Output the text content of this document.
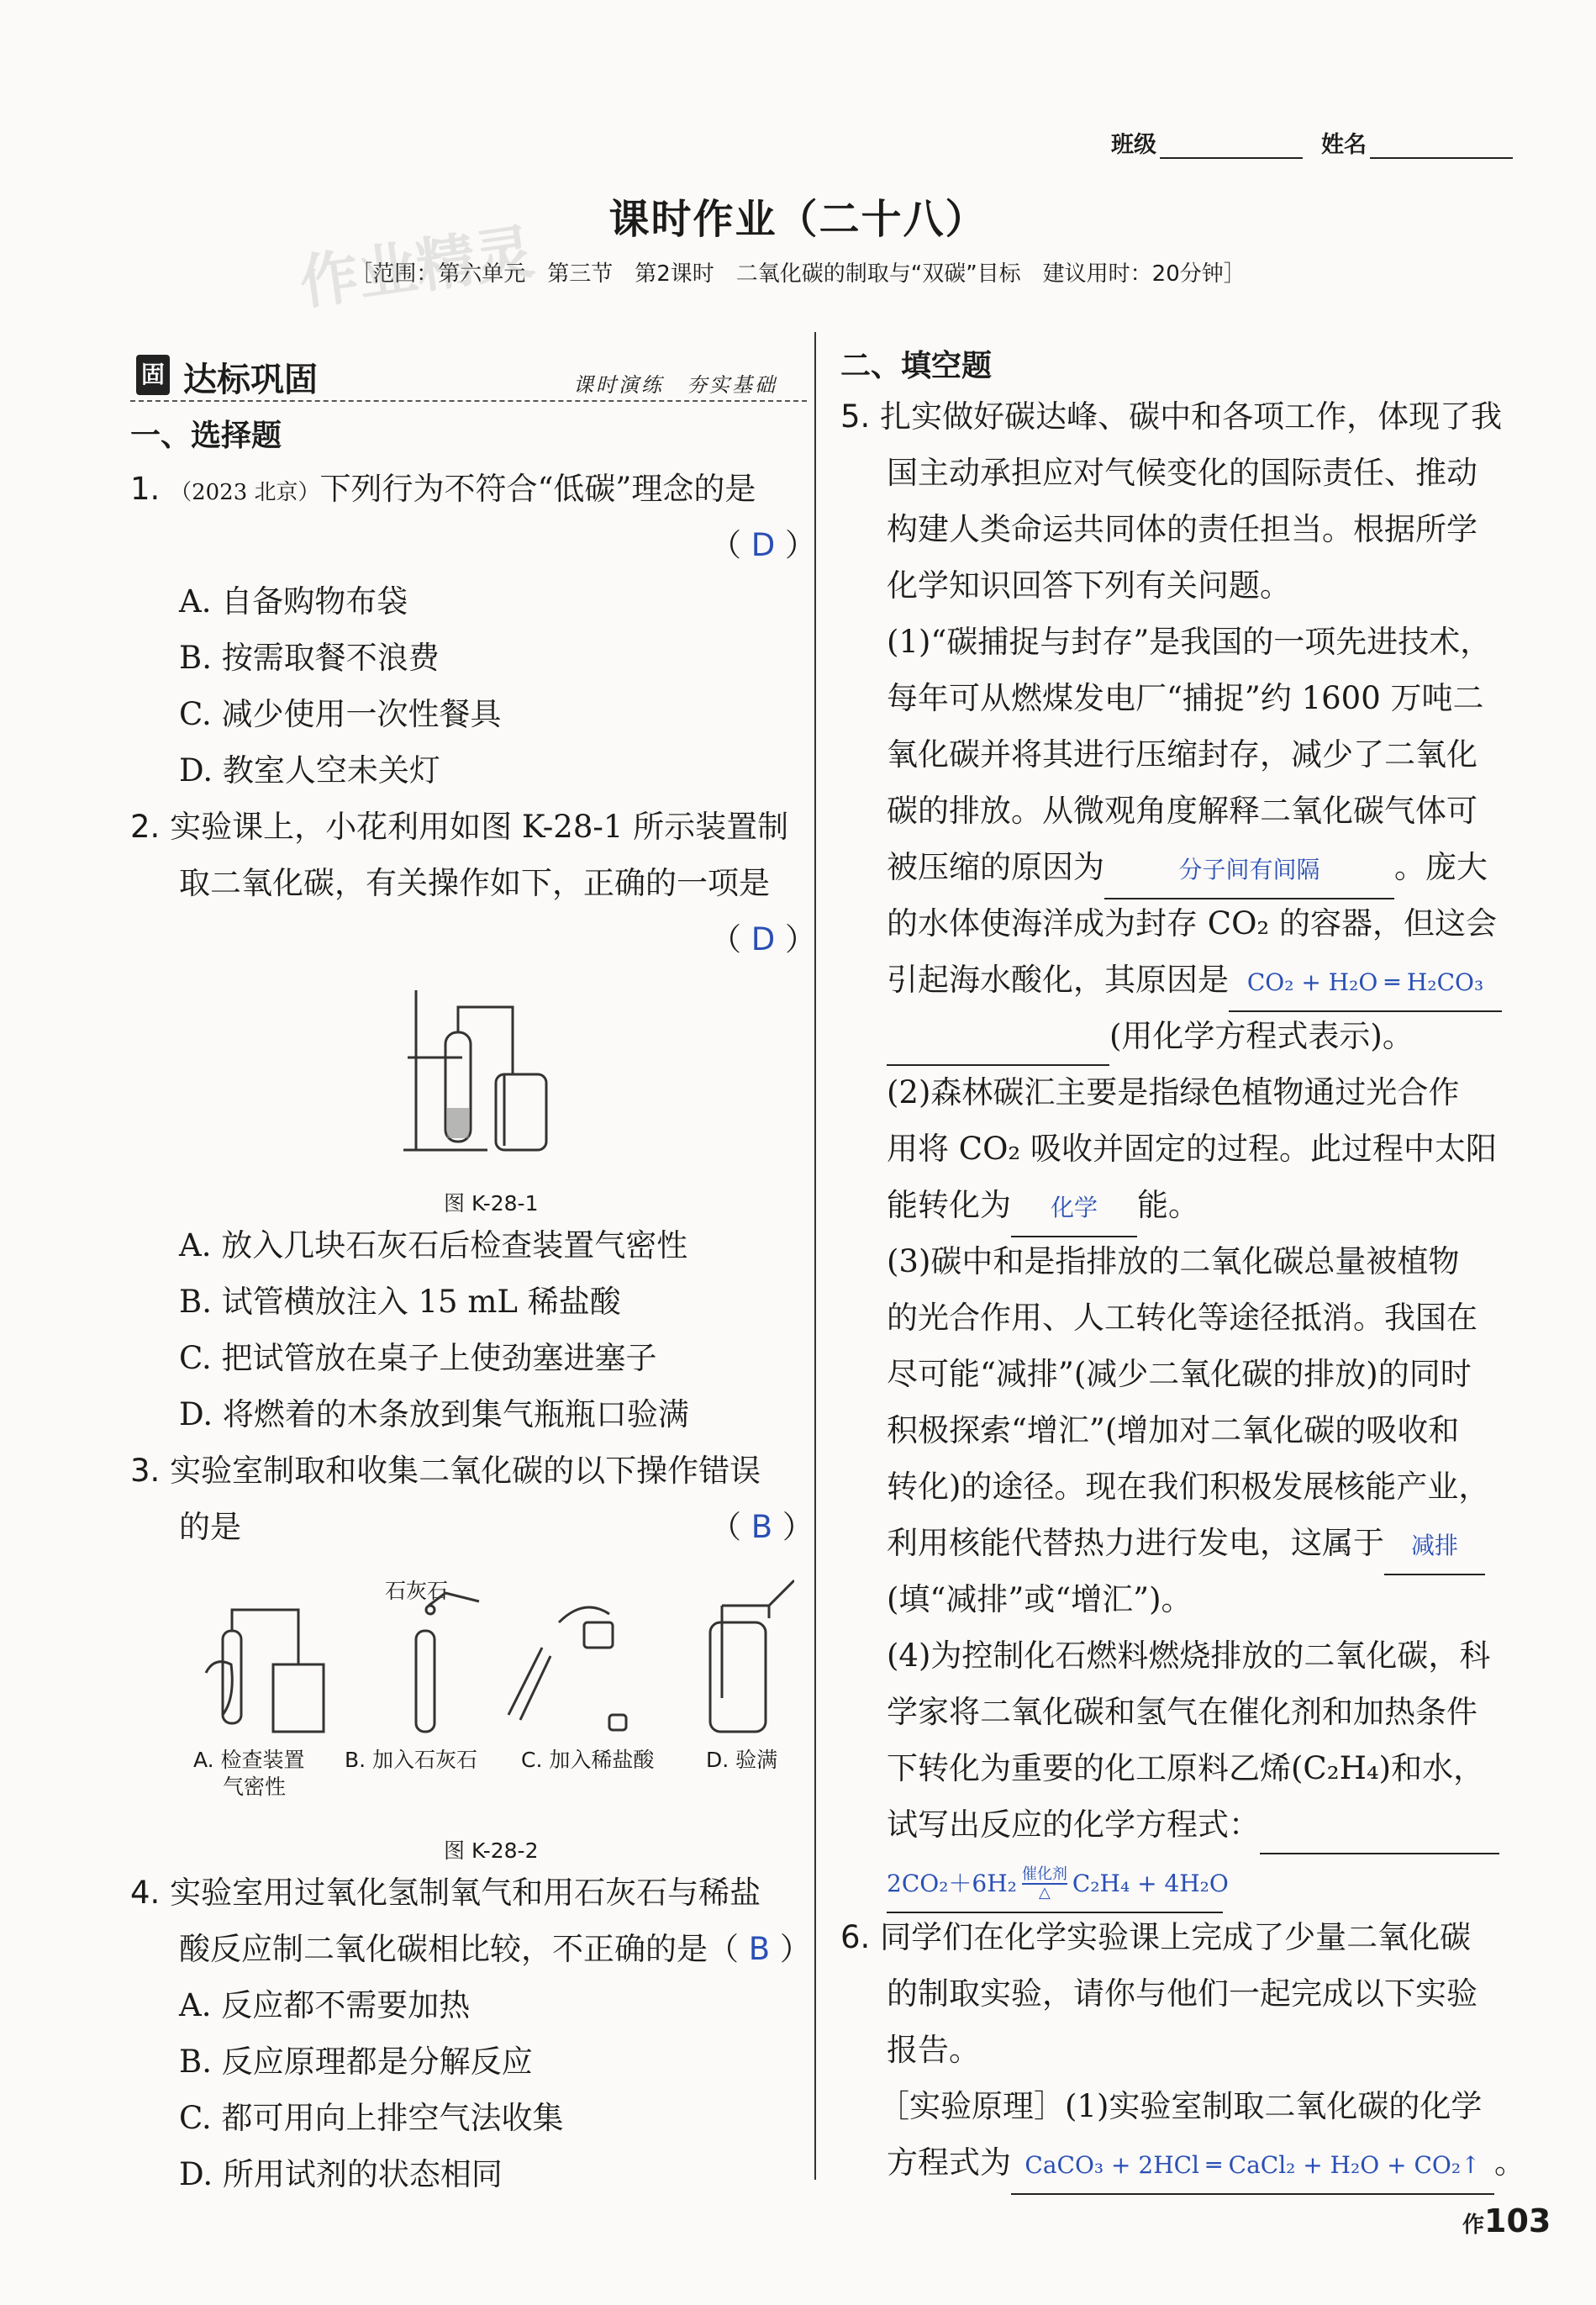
班级	姓名
课时作业（二十八）
［范围：第六单元　第三节　第2课时　二氧化碳的制取与“双碳”目标　建议用时：20分钟］
作业精灵
固 达标巩固	课时演练　夯实基础
一、选择题
1. （2023 北京）下列行为不符合“低碳”理念的是
（ D ）
A. 自备购物布袋
B. 按需取餐不浪费
C. 减少使用一次性餐具
D. 教室人空未关灯
2. 实验课上，小花利用如图 K-28-1 所示装置制
取二氧化碳，有关操作如下，正确的一项是
（ D ）
图 K-28-1
A. 放入几块石灰石后检查装置气密性
B. 试管横放注入 15 mL 稀盐酸
C. 把试管放在桌子上使劲塞进塞子
D. 将燃着的木条放到集气瓶瓶口验满
3. 实验室制取和收集二氧化碳的以下操作错误
的是	（ B ）
石灰石
A. 检查装置
气密性
B. 加入石灰石 C. 加入稀盐酸 D. 验满
图 K-28-2
4. 实验室用过氧化氢制氧气和用石灰石与稀盐
酸反应制二氧化碳相比较，不正确的是（ B ）
A. 反应都不需要加热
B. 反应原理都是分解反应
C. 都可用向上排空气法收集
D. 所用试剂的状态相同
二、填空题
5. 扎实做好碳达峰、碳中和各项工作，体现了我
国主动承担应对气候变化的国际责任、推动
构建人类命运共同体的责任担当。根据所学
化学知识回答下列有关问题。
(1)“碳捕捉与封存”是我国的一项先进技术，
每年可从燃煤发电厂“捕捉”约 1600 万吨二
氧化碳并将其进行压缩封存，减少了二氧化
碳的排放。从微观角度解释二氧化碳气体可
被压缩的原因为	分子间有间隔 。庞大
的水体使海洋成为封存 CO₂ 的容器，但这会
引起海水酸化，其原因是 CO₂ + H₂O ═ H₂CO₃
(用化学方程式表示)。
(2)森林碳汇主要是指绿色植物通过光合作
用将 CO₂ 吸收并固定的过程。此过程中太阳
能转化为 化学 能。
(3)碳中和是指排放的二氧化碳总量被植物
的光合作用、人工转化等途径抵消。我国在
尽可能“减排”(减少二氧化碳的排放)的同时
积极探索“增汇”(增加对二氧化碳的吸收和
转化)的途径。现在我们积极发展核能产业，
利用核能代替热力进行发电，这属于 减排
(填“减排”或“增汇”)。
(4)为控制化石燃料燃烧排放的二氧化碳，科
学家将二氧化碳和氢气在催化剂和加热条件
下转化为重要的化工原料乙烯(C₂H₄)和水，
试写出反应的化学方程式：
2CO₂＋6H₂ 催化剂
△ C₂H₄ + 4H₂O
6. 同学们在化学实验课上完成了少量二氧化碳
的制取实验，请你与他们一起完成以下实验
报告。
［实验原理］(1)实验室制取二氧化碳的化学
方程式为 CaCO₃ + 2HCl ═ CaCl₂ + H₂O + CO₂↑ 。
作103
